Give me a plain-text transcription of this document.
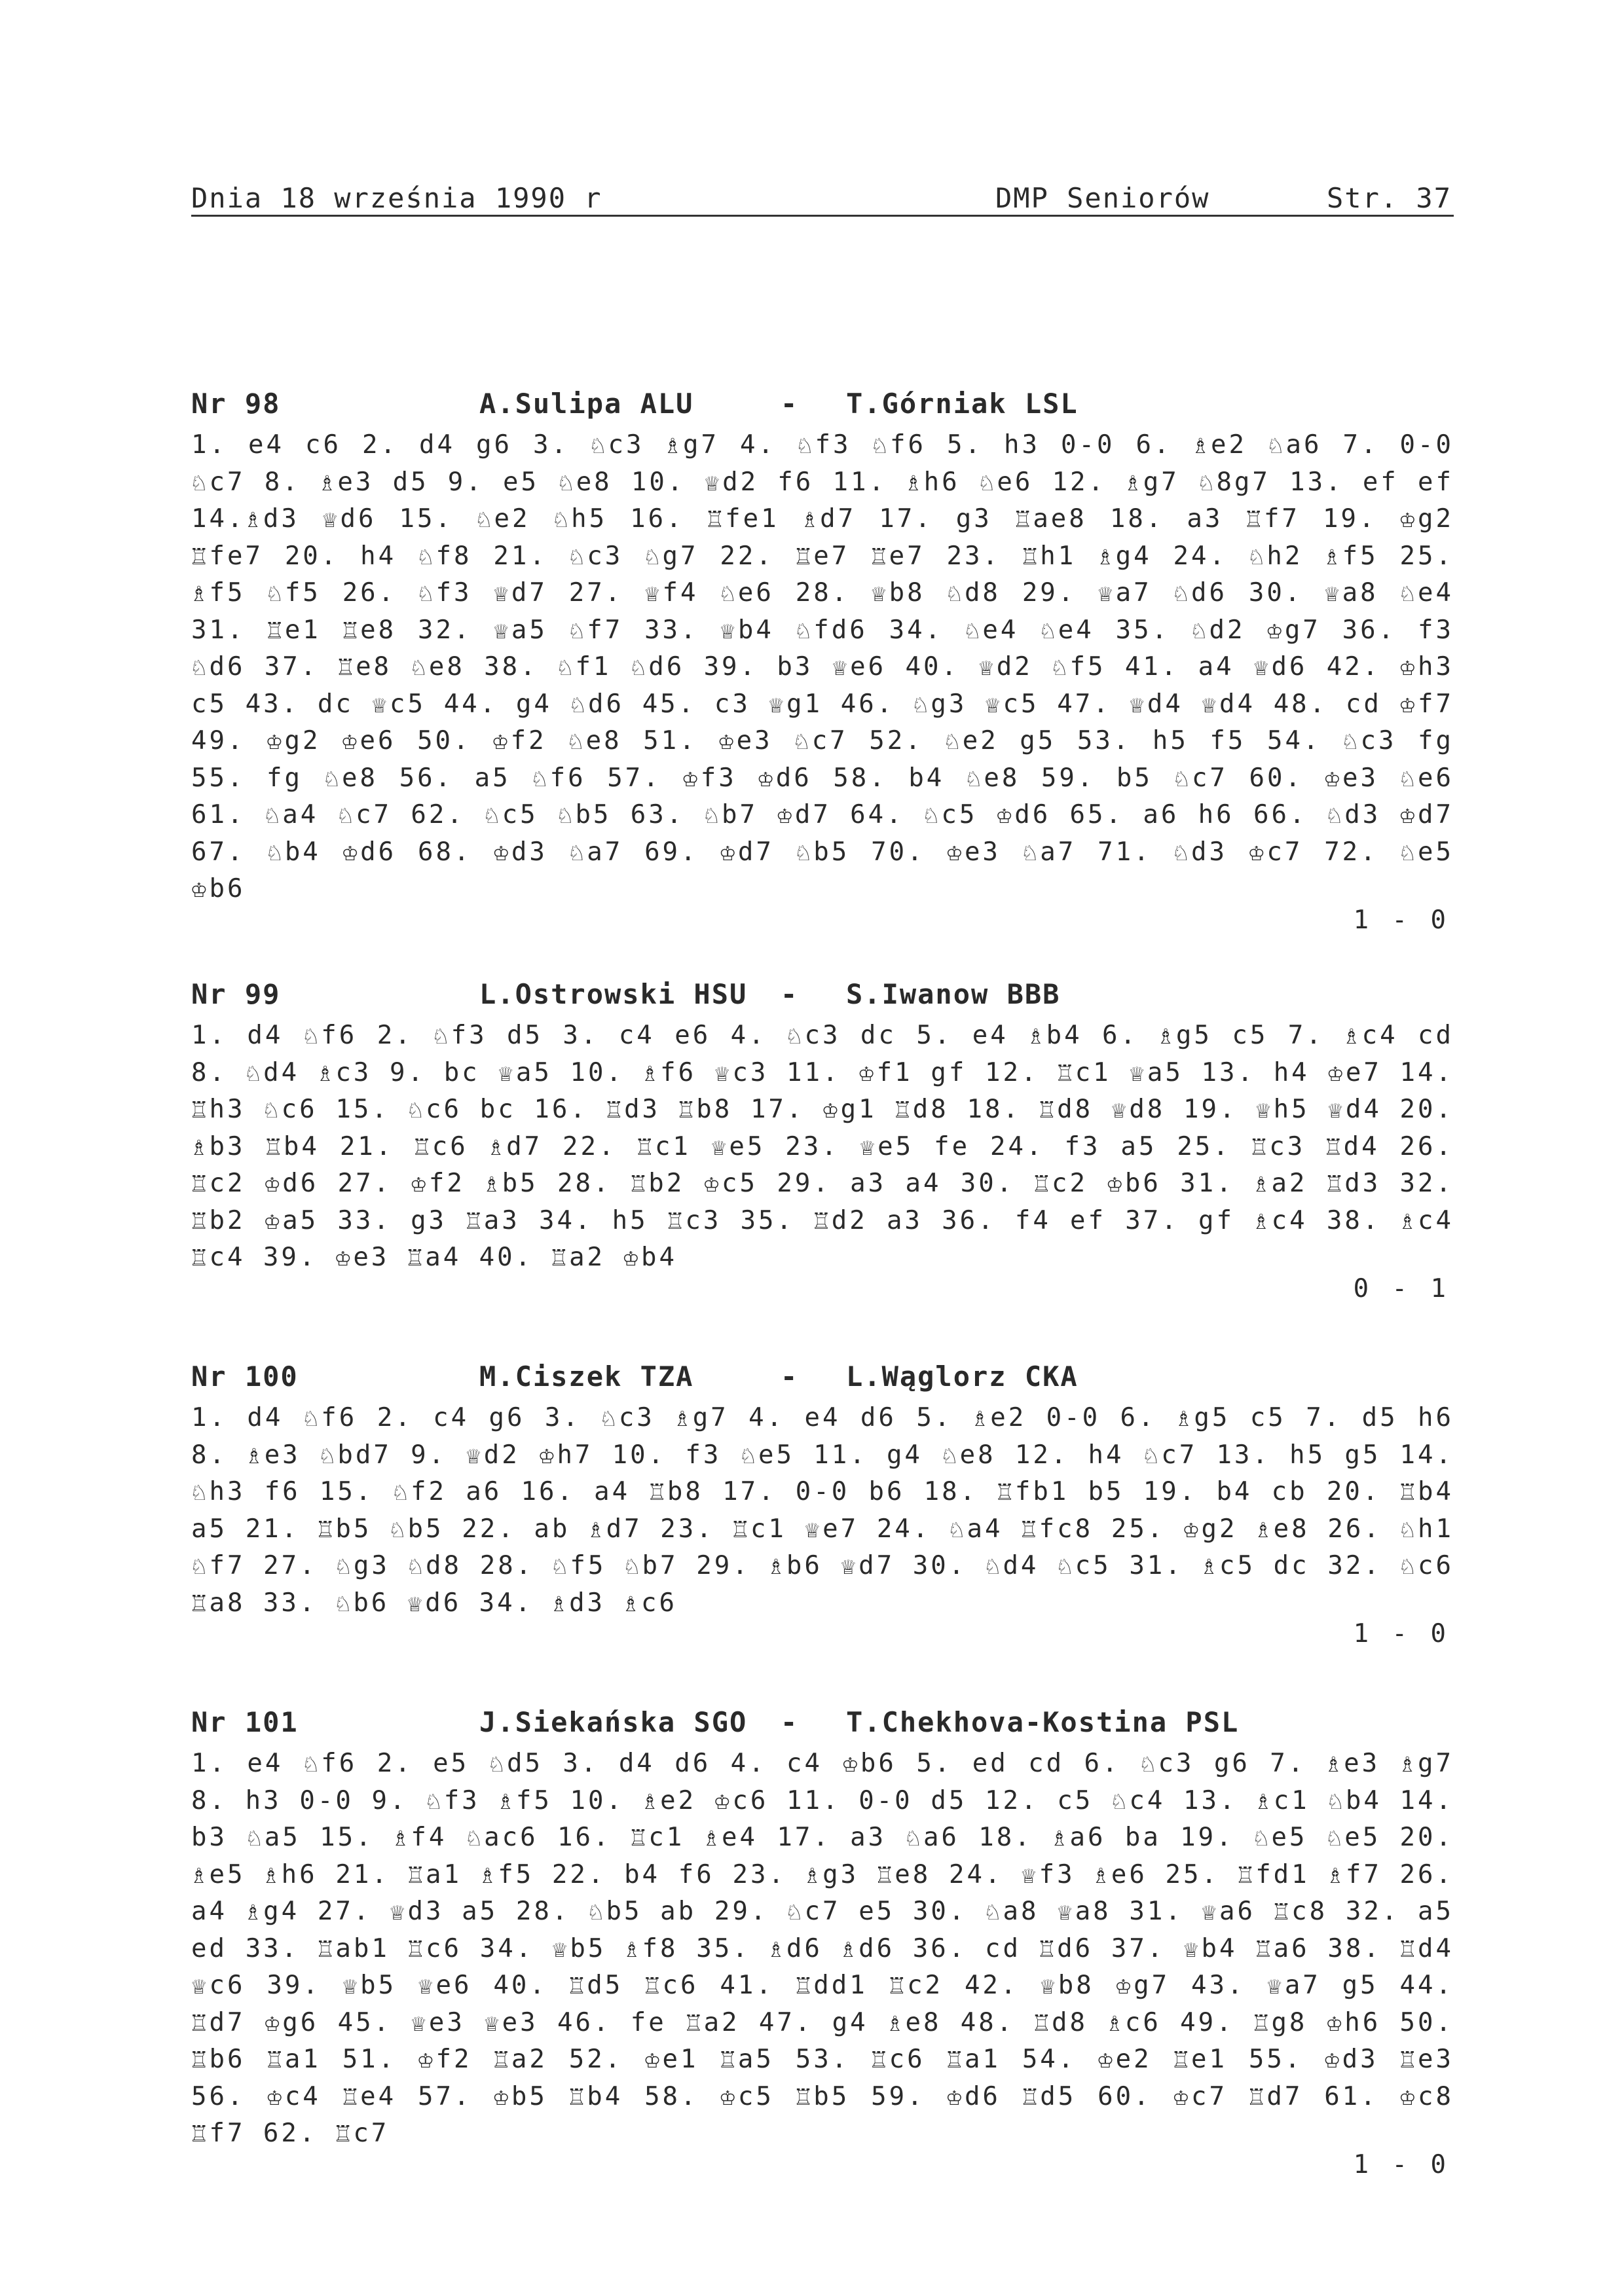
Dnia 18 września 1990 r	DMP Seniorów	Str. 37
Nr 98	A.Sulipa ALU	- T.Górniak LSL
1. e4 c6 2. d4 g6 3. ♘c3 ♗g7 4. ♘f3 ♘f6 5. h3 0-0 6. ♗e2 ♘a6 7. 0-0 ♘c7 8. ♗e3 d5 9. e5 ♘e8 10. ♕d2 f6 11. ♗h6 ♘e6 12. ♗g7 ♘8g7 13. ef ef 14.♗d3 ♕d6 15. ♘e2 ♘h5 16. ♖fe1 ♗d7 17. g3 ♖ae8 18. a3 ♖f7 19. ♔g2 ♖fe7 20. h4 ♘f8 21. ♘c3 ♘g7 22. ♖e7 ♖e7 23. ♖h1 ♗g4 24. ♘h2 ♗f5 25. ♗f5 ♘f5 26. ♘f3 ♕d7 27. ♕f4 ♘e6 28. ♕b8 ♘d8 29. ♕a7 ♘d6 30. ♕a8 ♘e4 31. ♖e1 ♖e8 32. ♕a5 ♘f7 33. ♕b4 ♘fd6 34. ♘e4 ♘e4 35. ♘d2 ♔g7 36. f3 ♘d6 37. ♖e8 ♘e8 38. ♘f1 ♘d6 39. b3 ♕e6 40. ♕d2 ♘f5 41. a4 ♕d6 42. ♔h3 c5 43. dc ♕c5 44. g4 ♘d6 45. c3 ♕g1 46. ♘g3 ♕c5 47. ♕d4 ♕d4 48. cd ♔f7 49. ♔g2 ♔e6 50. ♔f2 ♘e8 51. ♔e3 ♘c7 52. ♘e2 g5 53. h5 f5 54. ♘c3 fg 55. fg ♘e8 56. a5 ♘f6 57. ♔f3 ♔d6 58. b4 ♘e8 59. b5 ♘c7 60. ♔e3 ♘e6 61. ♘a4 ♘c7 62. ♘c5 ♘b5 63. ♘b7 ♔d7 64. ♘c5 ♔d6 65. a6 h6 66. ♘d3 ♔d7 67. ♘b4 ♔d6 68. ♔d3 ♘a7 69. ♔d7 ♘b5 70. ♔e3 ♘a7 71. ♘d3 ♔c7 72. ♘e5 ♔b6
1 - 0
Nr 99	L.Ostrowski HSU - S.Iwanow BBB
1. d4 ♘f6 2. ♘f3 d5 3. c4 e6 4. ♘c3 dc 5. e4 ♗b4 6. ♗g5 c5 7. ♗c4 cd 8. ♘d4 ♗c3 9. bc ♕a5 10. ♗f6 ♕c3 11. ♔f1 gf 12. ♖c1 ♕a5 13. h4 ♔e7 14. ♖h3 ♘c6 15. ♘c6 bc 16. ♖d3 ♖b8 17. ♔g1 ♖d8 18. ♖d8 ♕d8 19. ♕h5 ♕d4 20. ♗b3 ♖b4 21. ♖c6 ♗d7 22. ♖c1 ♕e5 23. ♕e5 fe 24. f3 a5 25. ♖c3 ♖d4 26. ♖c2 ♔d6 27. ♔f2 ♗b5 28. ♖b2 ♔c5 29. a3 a4 30. ♖c2 ♔b6 31. ♗a2 ♖d3 32. ♖b2 ♔a5 33. g3 ♖a3 34. h5 ♖c3 35. ♖d2 a3 36. f4 ef 37. gf ♗c4 38. ♗c4 ♖c4 39. ♔e3 ♖a4 40. ♖a2 ♔b4
0 - 1
Nr 100	M.Ciszek TZA	- L.Wąglorz CKA
1. d4 ♘f6 2. c4 g6 3. ♘c3 ♗g7 4. e4 d6 5. ♗e2 0-0 6. ♗g5 c5 7. d5 h6 8. ♗e3 ♘bd7 9. ♕d2 ♔h7 10. f3 ♘e5 11. g4 ♘e8 12. h4 ♘c7 13. h5 g5 14. ♘h3 f6 15. ♘f2 a6 16. a4 ♖b8 17. 0-0 b6 18. ♖fb1 b5 19. b4 cb 20. ♖b4 a5 21. ♖b5 ♘b5 22. ab ♗d7 23. ♖c1 ♕e7 24. ♘a4 ♖fc8 25. ♔g2 ♗e8 26. ♘h1 ♘f7 27. ♘g3 ♘d8 28. ♘f5 ♘b7 29. ♗b6 ♕d7 30. ♘d4 ♘c5 31. ♗c5 dc 32. ♘c6 ♖a8 33. ♘b6 ♕d6 34. ♗d3 ♗c6
1 - 0
Nr 101	J.Siekańska SGO - T.Chekhova-Kostina PSL
1. e4 ♘f6 2. e5 ♘d5 3. d4 d6 4. c4 ♔b6 5. ed cd 6. ♘c3 g6 7. ♗e3 ♗g7 8. h3 0-0 9. ♘f3 ♗f5 10. ♗e2 ♔c6 11. 0-0 d5 12. c5 ♘c4 13. ♗c1 ♘b4 14. b3 ♘a5 15. ♗f4 ♘ac6 16. ♖c1 ♗e4 17. a3 ♘a6 18. ♗a6 ba 19. ♘e5 ♘e5 20. ♗e5 ♗h6 21. ♖a1 ♗f5 22. b4 f6 23. ♗g3 ♖e8 24. ♕f3 ♗e6 25. ♖fd1 ♗f7 26. a4 ♗g4 27. ♕d3 a5 28. ♘b5 ab 29. ♘c7 e5 30. ♘a8 ♕a8 31. ♕a6 ♖c8 32. a5 ed 33. ♖ab1 ♖c6 34. ♕b5 ♗f8 35. ♗d6 ♗d6 36. cd ♖d6 37. ♕b4 ♖a6 38. ♖d4 ♕c6 39. ♕b5 ♕e6 40. ♖d5 ♖c6 41. ♖dd1 ♖c2 42. ♕b8 ♔g7 43. ♕a7 g5 44. ♖d7 ♔g6 45. ♕e3 ♕e3 46. fe ♖a2 47. g4 ♗e8 48. ♖d8 ♗c6 49. ♖g8 ♔h6 50. ♖b6 ♖a1 51. ♔f2 ♖a2 52. ♔e1 ♖a5 53. ♖c6 ♖a1 54. ♔e2 ♖e1 55. ♔d3 ♖e3 56. ♔c4 ♖e4 57. ♔b5 ♖b4 58. ♔c5 ♖b5 59. ♔d6 ♖d5 60. ♔c7 ♖d7 61. ♔c8 ♖f7 62. ♖c7
1 - 0
